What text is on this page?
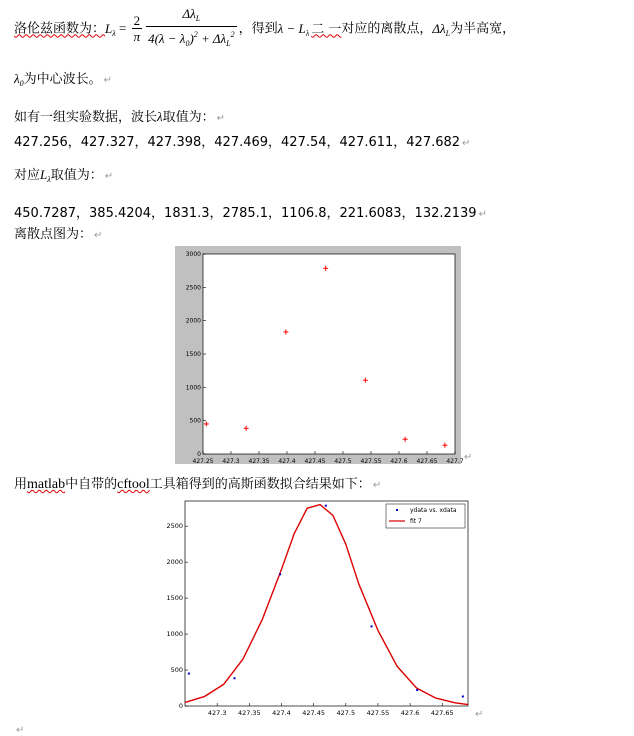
洛伦兹函数为：$L_\lambda = \frac{2}{\pi} \frac{\Delta\lambda_L}{4(\lambda - \lambda_0)^2 + \Delta\lambda_L^2}$ ，得到$\lambda - L_\lambda$ 二 一对应的离散点，$\Delta\lambda_L$为半高宽，
$\lambda_0$为中心波长。 ↵
如有一组实验数据，波长λ取值为： ↵
427.256，427.327，427.398，427.469，427.54，427.611，427.682 ↵
对应$L_\lambda$取值为： ↵
450.7287，385.4204，1831.3，2785.1，1106.8，221.6083，132.2139 ↵
离散点图为： ↵
427.25 427.3 427.35 427.4 427.45 427.5 427.55 427.6 427.65 427.7
0
500
1000
1500
2000
2500
3000
↵
用matlab中自带的cftool工具箱得到的高斯函数拟合结果如下： ↵
427.3 427.35 427.4 427.45 427.5 427.55 427.6 427.65
0
500
1000
1500
2000
2500
ydata vs. xdata
fit 7
↵
↵
